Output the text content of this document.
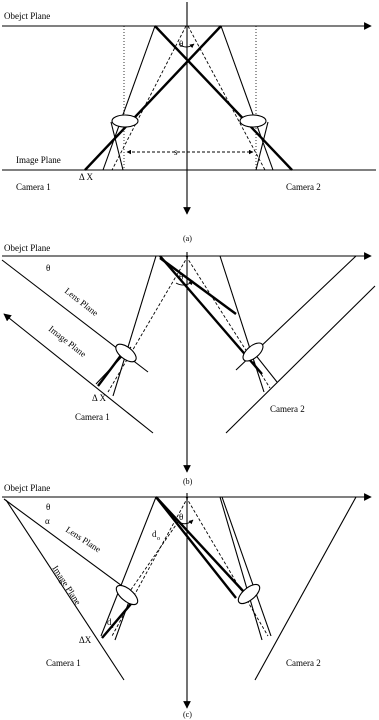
Obejct Plane
Image Plane
θ
s
Δ X
Camera 1	Camera 2
(a)
Obejct Plane
θ
θ
Lens Plane
Image Plane
Δ X
Camera 1
Camera 2
(b)
Obejct Plane
θ
α	θ
d o
d i
Lens Plane
Image Plane
ΔX
Camera 1	Camera 2
(c)
